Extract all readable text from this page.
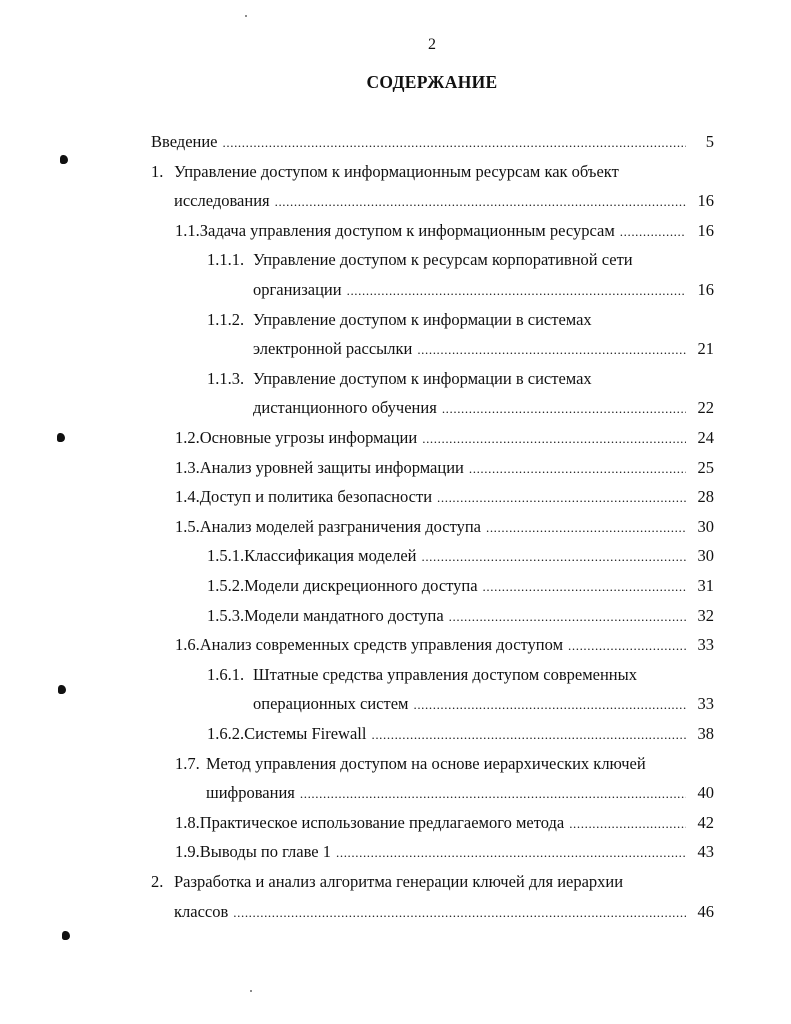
2
СОДЕРЖАНИЕ
Введение .....	5
1. Управление доступом к информационным ресурсам как объект
исследования .....	16
1.1. Задача управления доступом к информационным ресурсам .....	16
1.1.1. Управление доступом к ресурсам корпоративной сети
организации .....	16
1.1.2. Управление доступом к информации в системах
электронной рассылки .....	21
1.1.3. Управление доступом к информации в системах
дистанционного обучения .....	22
1.2. Основные угрозы информации .....	24
1.3. Анализ уровней защиты информации .....	25
1.4. Доступ и политика безопасности .....	28
1.5. Анализ моделей разграничения доступа .....	30
1.5.1. Классификация моделей .....	30
1.5.2. Модели дискреционного доступа .....	31
1.5.3. Модели мандатного доступа .....	32
1.6. Анализ современных средств управления доступом .....	33
1.6.1. Штатные средства управления доступом современных
операционных систем .....	33
1.6.2. Системы Firewall .....	38
1.7. Метод управления доступом на основе иерархических ключей
шифрования .....	40
1.8. Практическое использование предлагаемого метода .....	42
1.9. Выводы по главе 1 .....	43
2. Разработка и анализ алгоритма генерации ключей для иерархии
классов .....	46
